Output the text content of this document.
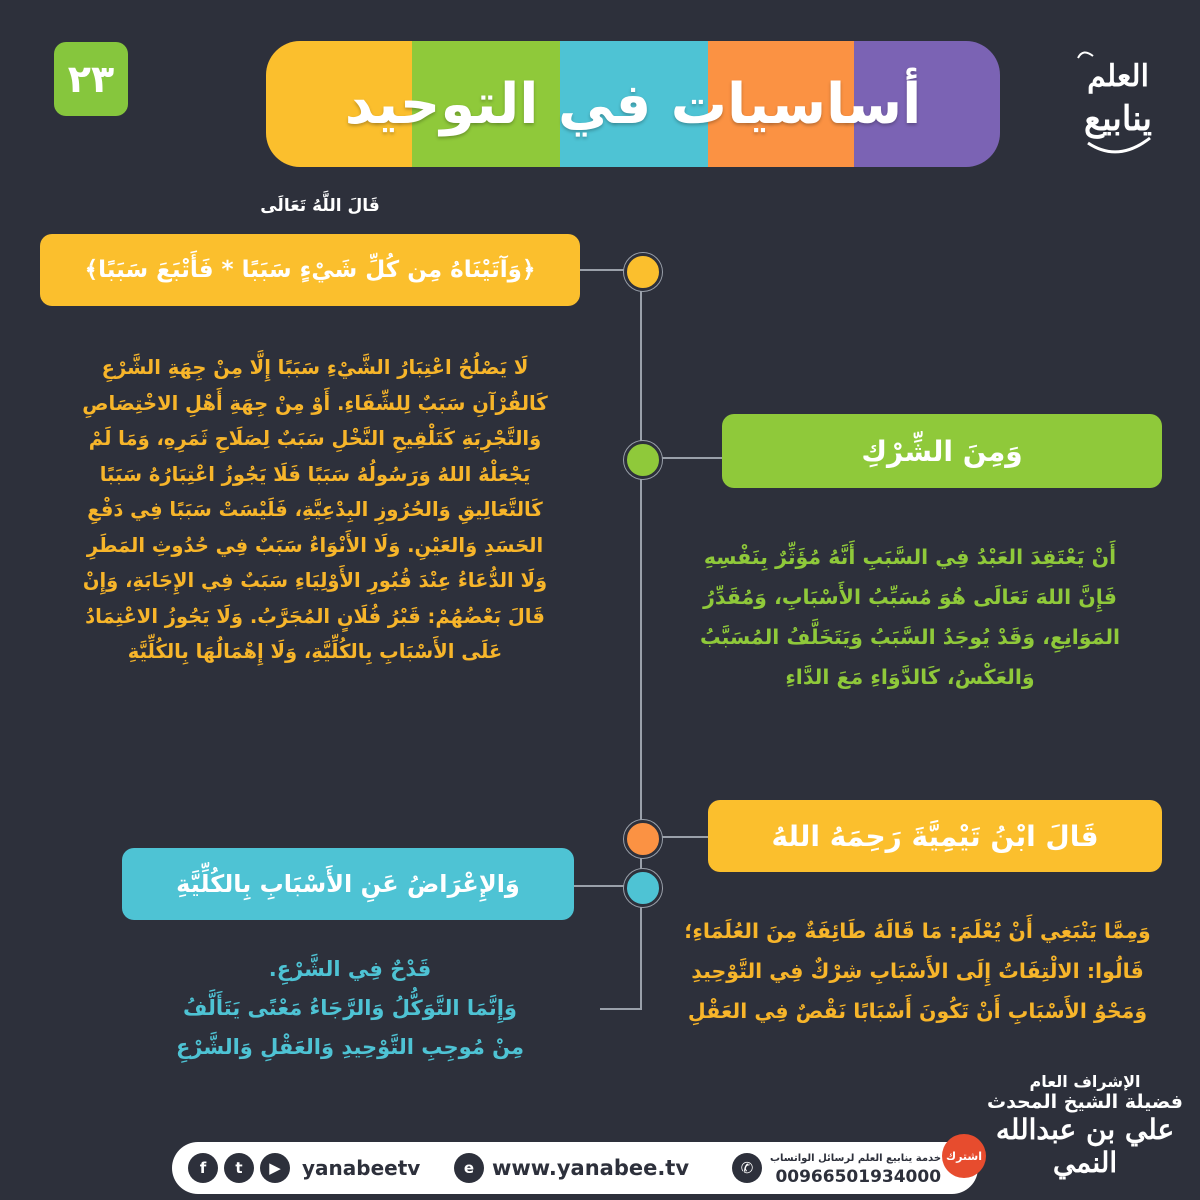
٢٣	أساسيات في التوحيد	العلم
ينابيع
قَالَ اللَّهُ تَعَالَى
﴿وَآتَيْنَاهُ مِن كُلِّ شَيْءٍ سَبَبًا * فَأَتْبَعَ سَبَبًا﴾
لَا يَصْلُحُ اعْتِبَارُ الشَّيْءِ سَبَبًا إِلَّا مِنْ جِهَةِ الشَّرْعِ
كَالقُرْآنِ سَبَبٌ لِلشِّفَاءِ. أَوْ مِنْ جِهَةِ أَهْلِ الاخْتِصَاصِ
وَالتَّجْرِبَةِ كَتَلْقِيحِ النَّخْلِ سَبَبٌ لِصَلَاحِ ثَمَرِهِ، وَمَا لَمْ
يَجْعَلْهُ اللهُ وَرَسُولُهُ سَبَبًا فَلَا يَجُوزُ اعْتِبَارُهُ سَبَبًا
كَالتَّعَالِيقِ وَالحُرُوزِ البِدْعِيَّةِ، فَلَيْسَتْ سَبَبًا فِي دَفْعِ
الحَسَدِ وَالعَيْنِ. وَلَا الأَنْوَاءُ سَبَبٌ فِي حُدُوثِ المَطَرِ
وَلَا الدُّعَاءُ عِنْدَ قُبُورِ الأَوْلِيَاءِ سَبَبٌ فِي الإِجَابَةِ، وَإِنْ
قَالَ بَعْضُهُمْ: قَبْرُ فُلَانٍ المُجَرَّبُ. وَلَا يَجُوزُ الاعْتِمَادُ
عَلَى الأَسْبَابِ بِالكُلِّيَّةِ، وَلَا إِهْمَالُهَا بِالكُلِّيَّةِ
وَمِنَ الشِّرْكِ
أَنْ يَعْتَقِدَ العَبْدُ فِي السَّبَبِ أَنَّهُ مُؤَثِّرٌ بِنَفْسِهِ
فَإِنَّ اللهَ تَعَالَى هُوَ مُسَبِّبُ الأَسْبَابِ، وَمُقَدِّرُ
المَوَانِعِ، وَقَدْ يُوجَدُ السَّبَبُ وَيَتَخَلَّفُ المُسَبَّبُ
وَالعَكْسُ، كَالدَّوَاءِ مَعَ الدَّاءِ
قَالَ ابْنُ تَيْمِيَّةَ رَحِمَهُ اللهُ
وَمِمَّا يَنْبَغِي أَنْ يُعْلَمَ: مَا قَالَهُ طَائِفَةٌ مِنَ العُلَمَاءِ؛
قَالُوا: الالْتِفَاتُ إِلَى الأَسْبَابِ شِرْكٌ فِي التَّوْحِيدِ
وَمَحْوُ الأَسْبَابِ أَنْ تَكُونَ أَسْبَابًا نَقْصٌ فِي العَقْلِ
وَالإِعْرَاضُ عَنِ الأَسْبَابِ بِالكُلِّيَّةِ
قَدْحٌ فِي الشَّرْعِ.
وَإِنَّمَا التَّوَكُّلُ وَالرَّجَاءُ مَعْنًى يَتَأَلَّفُ
مِنْ مُوجِبِ التَّوْحِيدِ وَالعَقْلِ وَالشَّرْعِ
f	t	▶	yanabeetv	e www.yanabee.tv	✆
خدمة ينابيع العلم لرسائل الواتساب
00966501934000
اشترك
الإشراف العام
فضيلة الشيخ المحدث
علي بن عبدالله النمي
